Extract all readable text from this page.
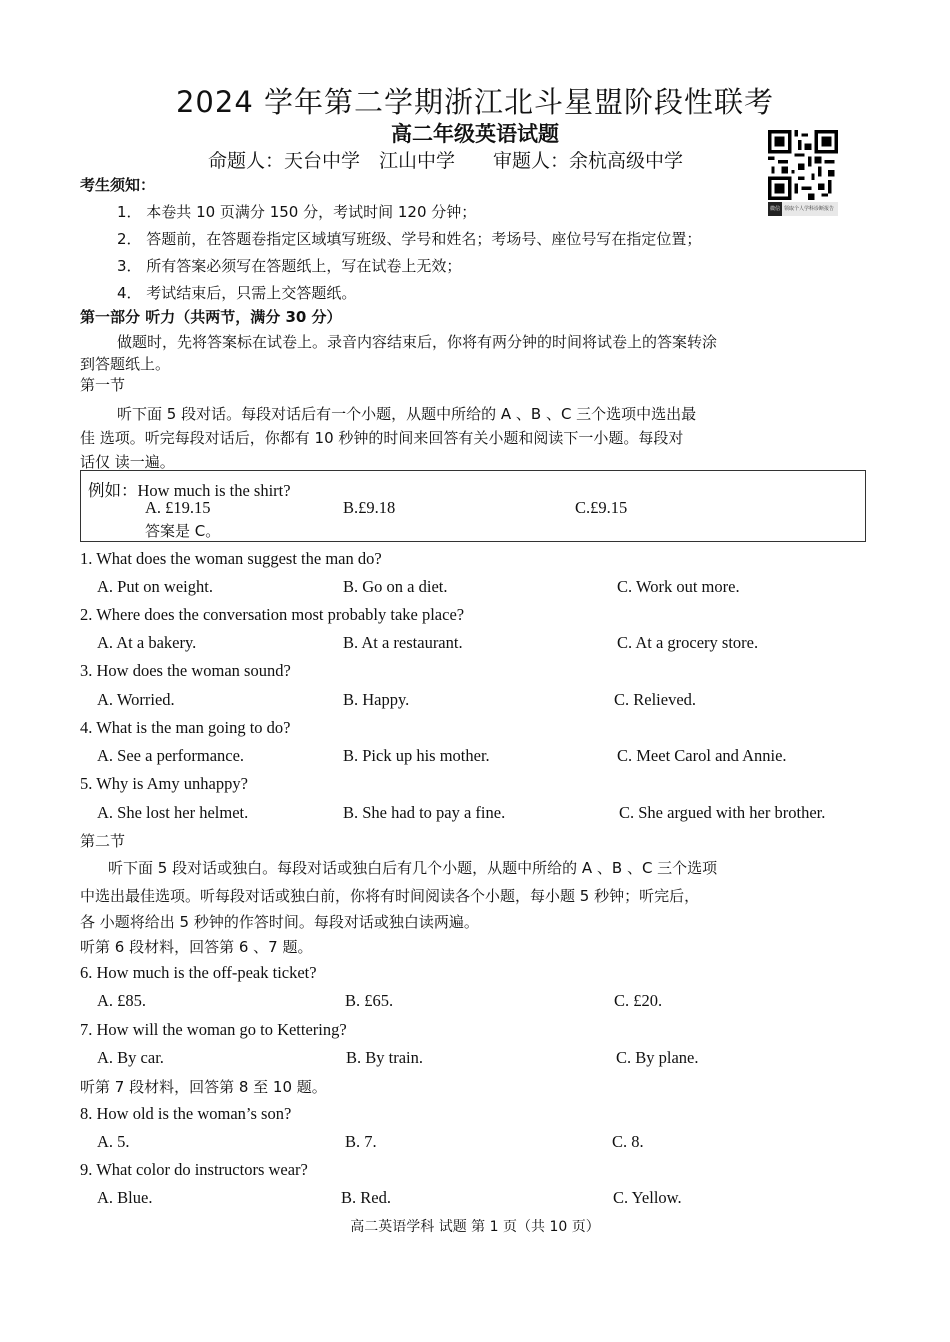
2024 学年第二学期浙江北斗星盟阶段性联考
高二年级英语试题
命题人：天台中学　江山中学　　审题人：余杭高级中学
微信 领取个人学科诊断报告
考生须知：
1． 本卷共 10 页满分 150 分，考试时间 120 分钟；
2． 答题前，在答题卷指定区域填写班级、学号和姓名；考场号、座位号写在指定位置；
3． 所有答案必须写在答题纸上，写在试卷上无效；
4． 考试结束后，只需上交答题纸。
第一部分 听力（共两节，满分 30 分）
做题时，先将答案标在试卷上。录音内容结束后，你将有两分钟的时间将试卷上的答案转涂
到答题纸上。
第一节
听下面 5 段对话。每段对话后有一个小题，从题中所给的 A 、B 、C 三个选项中选出最
佳 选项。听完每段对话后，你都有 10 秒钟的时间来回答有关小题和阅读下一小题。每段对
话仅 读一遍。
例如：How much is the shirt?
A. £19.15	B.£9.18	C.£9.15
答案是 C。
1. What does the woman suggest the man do?
A. Put on weight.	B. Go on a diet.	C. Work out more.
2. Where does the conversation most probably take place?
A. At a bakery.	B. At a restaurant.	C. At a grocery store.
3. How does the woman sound?
A. Worried.	B. Happy.	C. Relieved.
4. What is the man going to do?
A. See a performance.	B. Pick up his mother.	C. Meet Carol and Annie.
5. Why is Amy unhappy?
A. She lost her helmet.	B. She had to pay a fine.	C. She argued with her brother.
第二节
听下面 5 段对话或独白。每段对话或独白后有几个小题，从题中所给的 A 、B 、C 三个选项
中选出最佳选项。听每段对话或独白前，你将有时间阅读各个小题，每小题 5 秒钟；听完后，
各 小题将给出 5 秒钟的作答时间。每段对话或独白读两遍。
听第 6 段材料，回答第 6 、7 题。
6. How much is the off-peak ticket?
A. £85.	B. £65.	C. £20.
7. How will the woman go to Kettering?
A. By car.	B. By train.	C. By plane.
听第 7 段材料，回答第 8 至 10 题。
8. How old is the woman’s son?
A. 5.	B. 7.	C. 8.
9. What color do instructors wear?
A. Blue.	B. Red.	C. Yellow.
高二英语学科 试题 第 1 页（共 10 页）
